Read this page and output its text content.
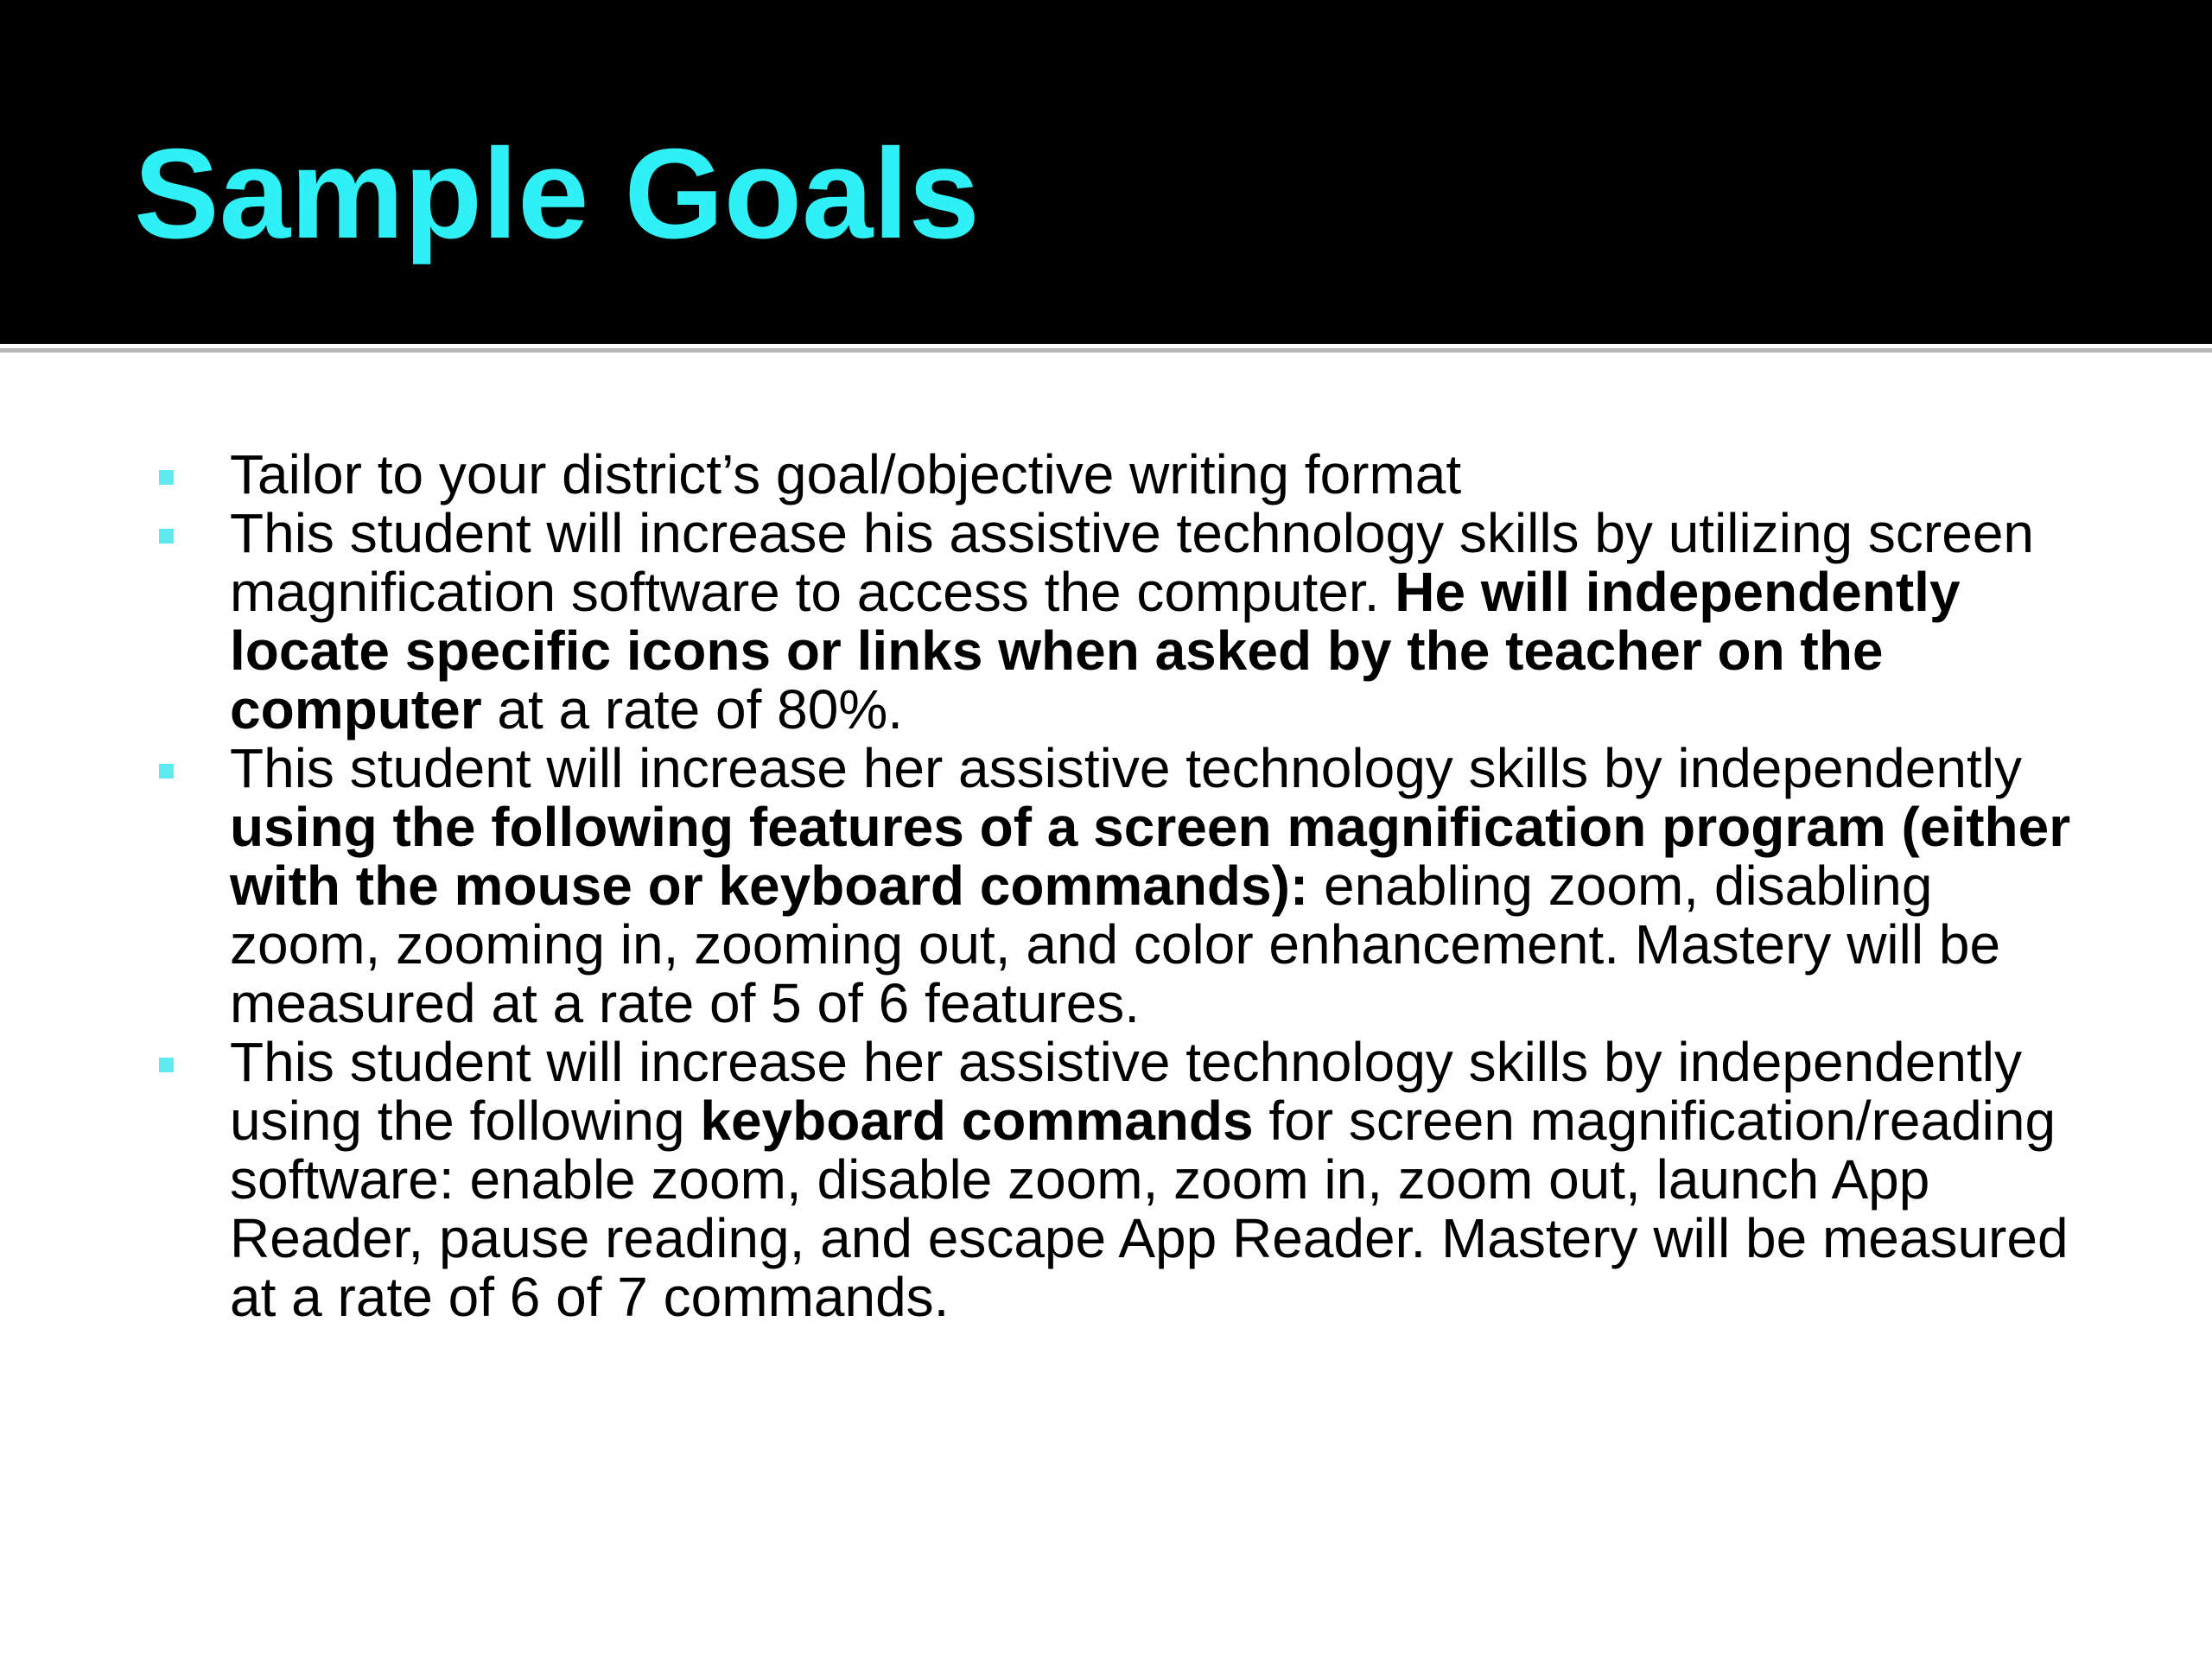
Sample Goals
Tailor to your district’s goal/objective writing format
This student will increase his assistive technology skills by utilizing screen magnification software to access the computer. He will independently locate specific icons or links when asked by the teacher on the computer at a rate of 80%.
This student will increase her assistive technology skills by independently using the following features of a screen magnification program (either with the mouse or keyboard commands): enabling zoom, disabling zoom, zooming in, zooming out, and color enhancement. Mastery will be measured at a rate of 5 of 6 features.
This student will increase her assistive technology skills by independently using the following keyboard commands for screen magnification/reading software: enable zoom, disable zoom, zoom in, zoom out, launch App Reader, pause reading, and escape App Reader. Mastery will be measured at a rate of 6 of 7 commands.
